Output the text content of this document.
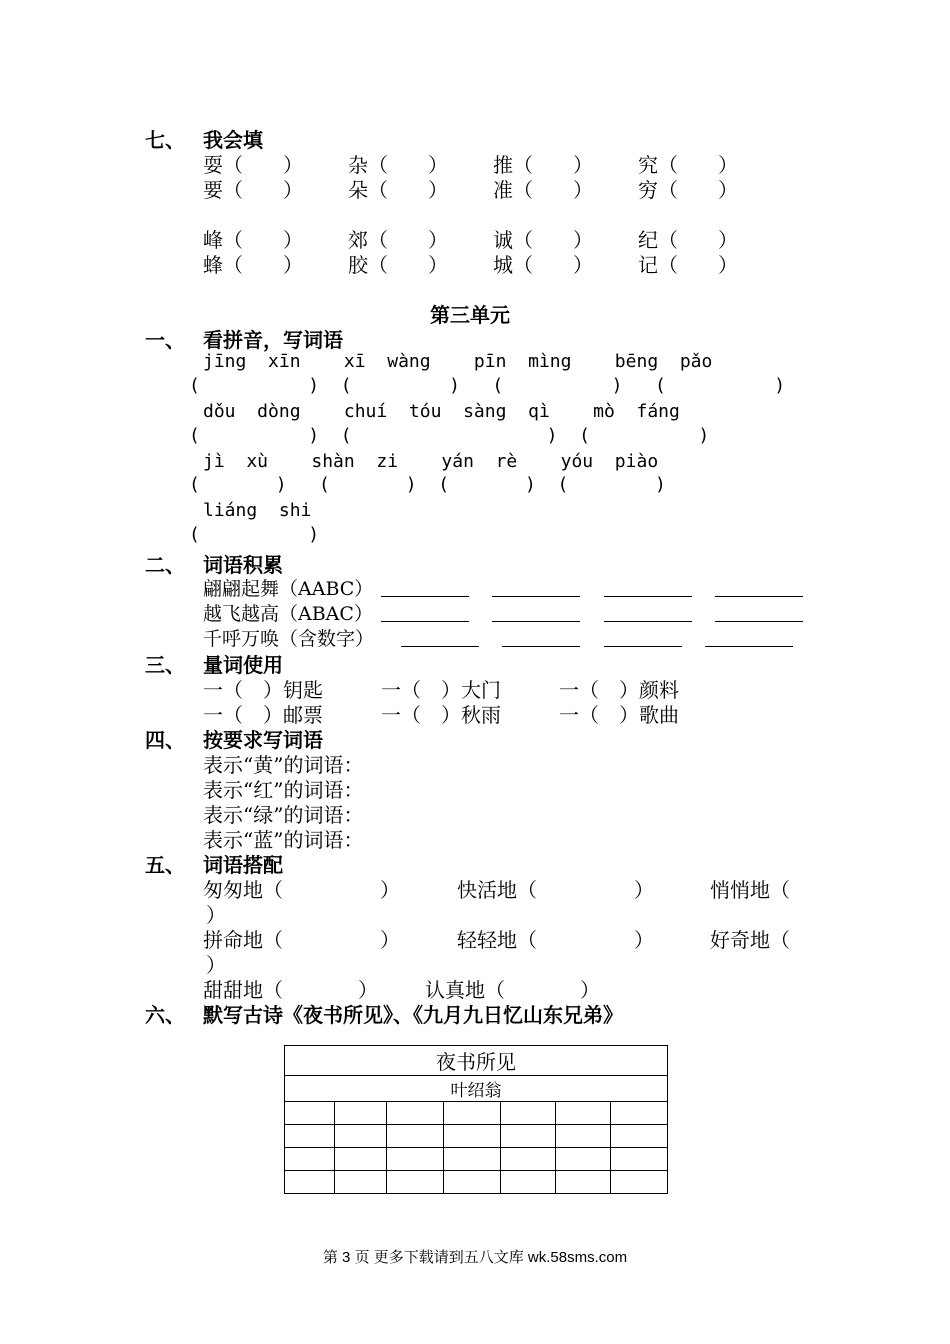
七、 我会填
耍（　　） 杂（　　） 推（　　） 究（　　）
要（　　） 朵（　　） 准（　　） 穷（　　）
峰（　　） 郊（　　） 诚（　　） 纪（　　）
蜂（　　） 胶（　　） 城（　　） 记（　　）
第三单元
一、 看拼音，写词语
jīng  xīn    xī  wàng    pīn  mìng    bēng  pǎo
(          )  (         )   (          )   (          )
dǒu  dòng    chuí  tóu  sàng  qì    mò  fáng
(          )  (                  )  (          )
jì  xù    shàn  zi    yán  rè    yóu  piào
(       )   (       )  (       )  (        )
liáng  shi
(          )
二、 词语积累
翩翩起舞（AABC）
越飞越高（ABAC）
千呼万唤（含数字）
三、 量词使用
一（　）钥匙	一（　）大门	一（　）颜料
一（　）邮票	一（　）秋雨	一（　）歌曲
四、 按要求写词语
表示“黄”的词语：
表示“红”的词语：
表示“绿”的词语：
表示“蓝”的词语：
五、 词语搭配
匆匆地（	）	快活地（	）	悄悄地（
）
拼命地（	）	轻轻地（	）	好奇地（
）
甜甜地（	） 认真地（	）
六、 默写古诗《夜书所见》、《九月九日忆山东兄弟》
夜书所见						
叶绍翁						

第 3 页 更多下载请到五八文库 wk.58sms.com
